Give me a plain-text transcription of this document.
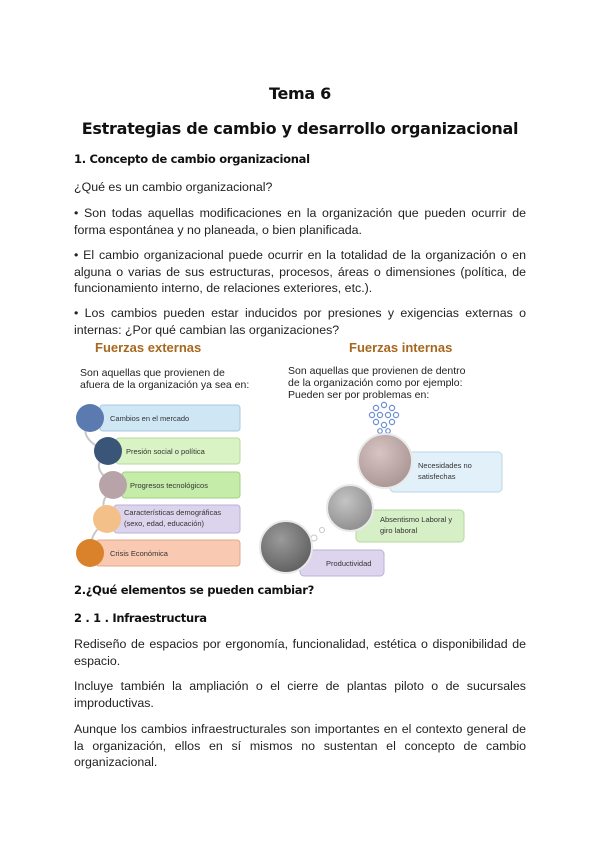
Tema 6
Estrategias de cambio y desarrollo organizacional
1. Concepto de cambio organizacional
¿Qué es un cambio organizacional?
• Son todas aquellas modificaciones en la organización que pueden ocurrir de forma espontánea y no planeada, o bien planificada.
• El cambio organizacional puede ocurrir en la totalidad de la organización o en alguna o varias de sus estructuras, procesos, áreas o dimensiones (política, de funcionamiento interno, de relaciones exteriores, etc.).
• Los cambios pueden estar inducidos por presiones y exigencias externas o internas: ¿Por qué cambian las organizaciones?
Fuerzas externas
Son aquellas que provienen de
afuera de la organización ya sea en:
Cambios en el mercado
Presión social o política
Progresos tecnológicos
Características demográficas
(sexo, edad, educación)
Crisis Económica
Fuerzas internas
Son aquellas que provienen de dentro
de la organización como por ejemplo:
Pueden ser por problemas en:
Necesidades no
satisfechas
Absentismo Laboral y
giro laboral
Productividad
2.¿Qué elementos se pueden cambiar?
2 . 1 . Infraestructura
Rediseño de espacios por ergonomía, funcionalidad, estética o disponibilidad de espacio.
Incluye también la ampliación o el cierre de plantas piloto o de sucursales improductivas.
Aunque los cambios infraestructurales son importantes en el contexto general de la organización, ellos en sí mismos no sustentan el concepto de cambio organizacional.
